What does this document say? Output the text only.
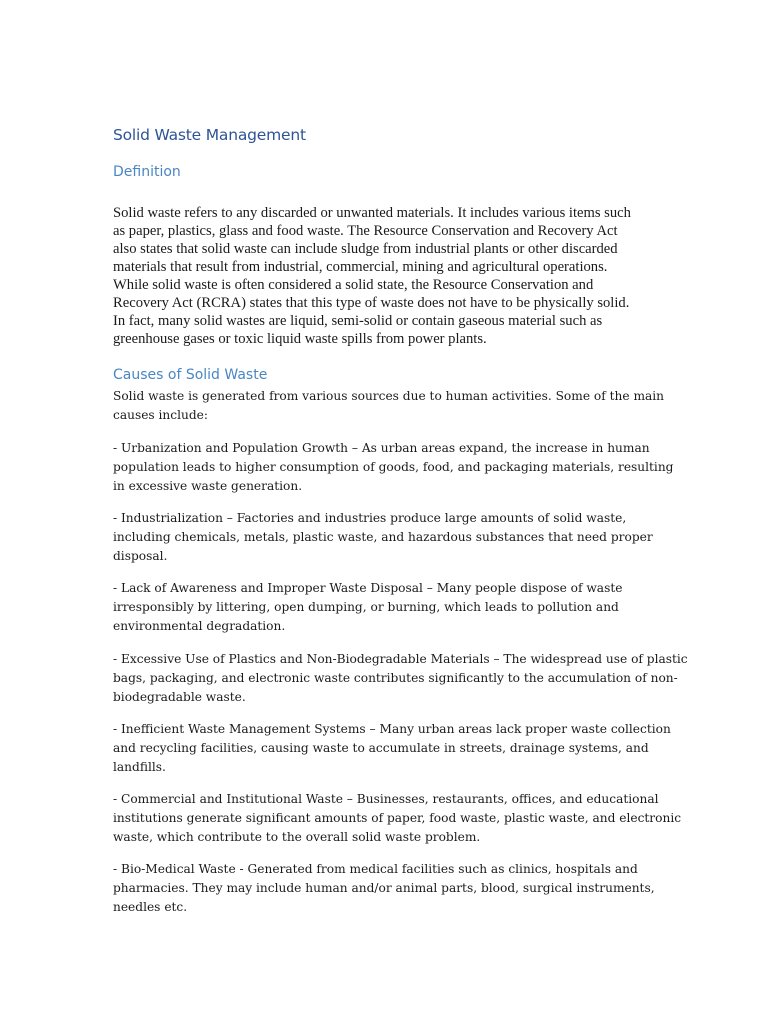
Solid Waste Management
Definition
Solid waste refers to any discarded or unwanted materials. It includes various items such
as paper, plastics, glass and food waste. The Resource Conservation and Recovery Act
also states that solid waste can include sludge from industrial plants or other discarded
materials that result from industrial, commercial, mining and agricultural operations.
While solid waste is often considered a solid state, the Resource Conservation and
Recovery Act (RCRA) states that this type of waste does not have to be physically solid.
In fact, many solid wastes are liquid, semi-solid or contain gaseous material such as
greenhouse gases or toxic liquid waste spills from power plants.
Causes of Solid Waste
Solid waste is generated from various sources due to human activities. Some of the main
causes include:
- Urbanization and Population Growth – As urban areas expand, the increase in human
population leads to higher consumption of goods, food, and packaging materials, resulting
in excessive waste generation.
- Industrialization – Factories and industries produce large amounts of solid waste,
including chemicals, metals, plastic waste, and hazardous substances that need proper
disposal.
- Lack of Awareness and Improper Waste Disposal – Many people dispose of waste
irresponsibly by littering, open dumping, or burning, which leads to pollution and
environmental degradation.
- Excessive Use of Plastics and Non-Biodegradable Materials – The widespread use of plastic
bags, packaging, and electronic waste contributes significantly to the accumulation of non-
biodegradable waste.
- Inefficient Waste Management Systems – Many urban areas lack proper waste collection
and recycling facilities, causing waste to accumulate in streets, drainage systems, and
landfills.
- Commercial and Institutional Waste – Businesses, restaurants, offices, and educational
institutions generate significant amounts of paper, food waste, plastic waste, and electronic
waste, which contribute to the overall solid waste problem.
- Bio-Medical Waste - Generated from medical facilities such as clinics, hospitals and
pharmacies. They may include human and/or animal parts, blood, surgical instruments,
needles etc.
